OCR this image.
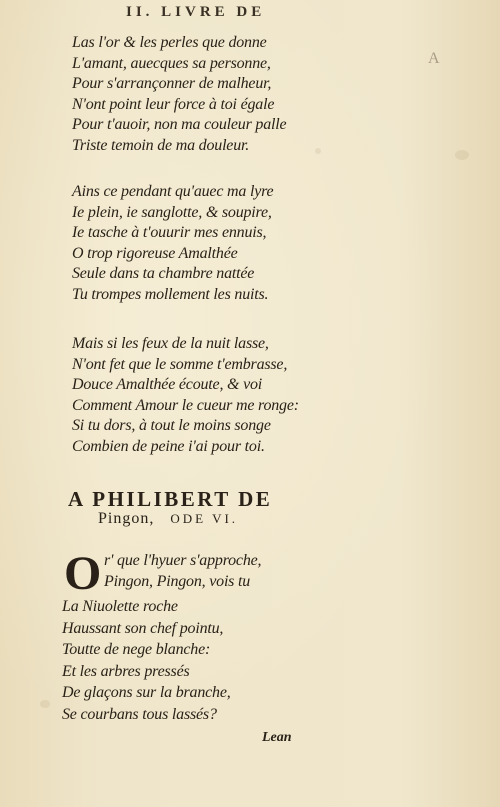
II. LIVRE DE
A
Las l'or & les perles que donne
L'amant, auecques sa personne,
Pour s'arrançonner de malheur,
N'ont point leur force à toi égale
Pour t'auoir, non ma couleur palle
Triste temoin de ma douleur.
Ains ce pendant qu'auec ma lyre
Ie plein, ie sanglotte, & soupire,
Ie tasche à t'ouurir mes ennuis,
O trop rigoreuse Amalthée
Seule dans ta chambre nattée
Tu trompes mollement les nuits.
Mais si les feux de la nuit lasse,
N'ont fet que le somme t'embrasse,
Douce Amalthée écoute, & voi
Comment Amour le cueur me ronge:
Si tu dors, à tout le moins songe
Combien de peine i'ai pour toi.
A PHILIBERT DE
Pingon, ODE VI.
O r' que l'hyuer s'approche,
Pingon, Pingon, vois tu
La Niuolette roche
Haussant son chef pointu,
Toutte de nege blanche:
Et les arbres pressés
De glaçons sur la branche,
Se courbans tous lassés?
Lean
